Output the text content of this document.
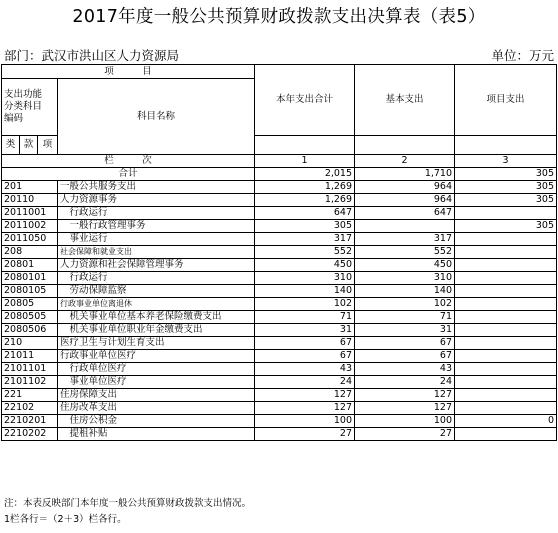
2017年度一般公共预算财政拨款支出决算表（表5）
部门：武汉市洪山区人力资源局	单位：万元
项　　　目				本年支出合计	基本支出	项目支出

支出功能
分类科目
编码			科目名称			
类	款	项				
栏　　　次				1	2	3
合计				2,015	1,710	305
201			一般公共服务支出	1,269	964	305
20110			人力资源事务	1,269	964	305
2011001			　行政运行	647	647	
2011002			　一般行政管理事务	305		305
2011050			　事业运行	317	317	
208			社会保障和就业支出	552	552	
20801			人力资源和社会保障管理事务	450	450	
2080101			　行政运行	310	310	
2080105			　劳动保障监察	140	140	
20805			行政事业单位离退休	102	102	
2080505			　机关事业单位基本养老保险缴费支出	71	71	
2080506			　机关事业单位职业年金缴费支出	31	31	
210			医疗卫生与计划生育支出	67	67	
21011			行政事业单位医疗	67	67	
2101101			　行政单位医疗	43	43	
2101102			　事业单位医疗	24	24	
221			住房保障支出	127	127	
22102			住房改革支出	127	127	
2210201			　住房公积金	100	100	0
2210202			　提租补贴	27	27	
注：本表反映部门本年度一般公共预算财政拨款支出情况。
1栏各行＝（2＋3）栏各行。
